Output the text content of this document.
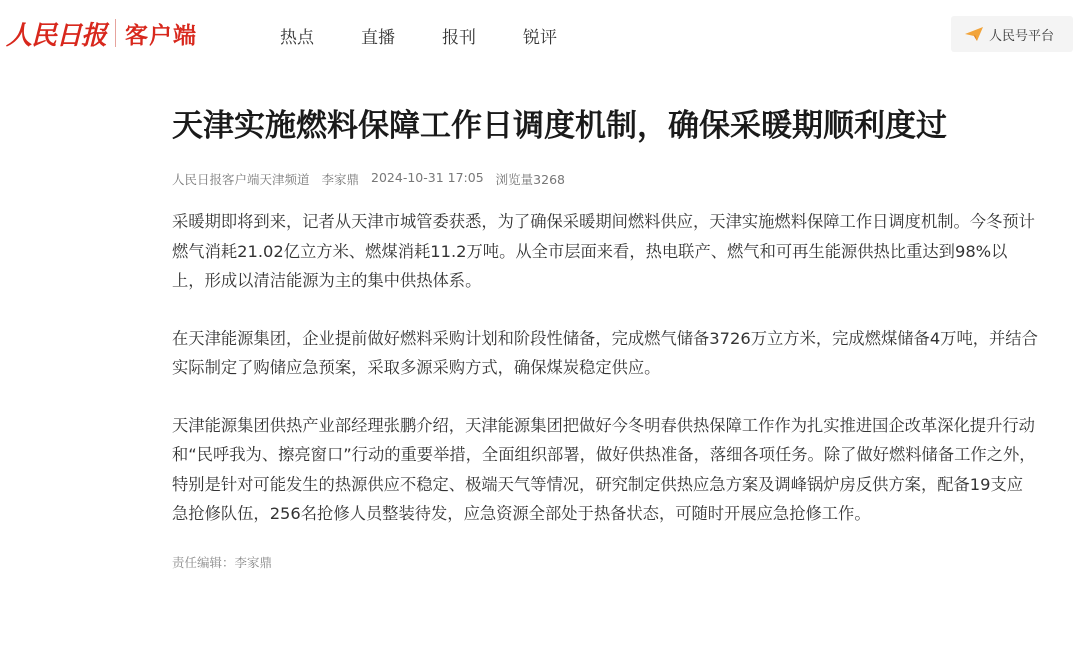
人民日报 客户端	热点	直播	报刊	锐评	人民号平台
天津实施燃料保障工作日调度机制，确保采暖期顺利度过
人民日报客户端天津频道 李家鼎 2024-10-31 17:05 浏览量3268

采暖期即将到来，记者从天津市城管委获悉，为了确保采暖期间燃料供应，天津实施燃料保障工作日调度机制。今冬预计燃气消耗21.02亿立方米、燃煤消耗11.2万吨。从全市层面来看，热电联产、燃气和可再生能源供热比重达到98%以上，形成以清洁能源为主的集中供热体系。

在天津能源集团，企业提前做好燃料采购计划和阶段性储备，完成燃气储备3726万立方米，完成燃煤储备4万吨，并结合实际制定了购储应急预案，采取多源采购方式，确保煤炭稳定供应。

天津能源集团供热产业部经理张鹏介绍，天津能源集团把做好今冬明春供热保障工作作为扎实推进国企改革深化提升行动和“民呼我为、擦亮窗口”行动的重要举措，全面组织部署，做好供热准备，落细各项任务。除了做好燃料储备工作之外，特别是针对可能发生的热源供应不稳定、极端天气等情况，研究制定供热应急方案及调峰锅炉房反供方案，配备19支应急抢修队伍，256名抢修人员整装待发，应急资源全部处于热备状态，可随时开展应急抢修工作。

责任编辑：李家鼎
